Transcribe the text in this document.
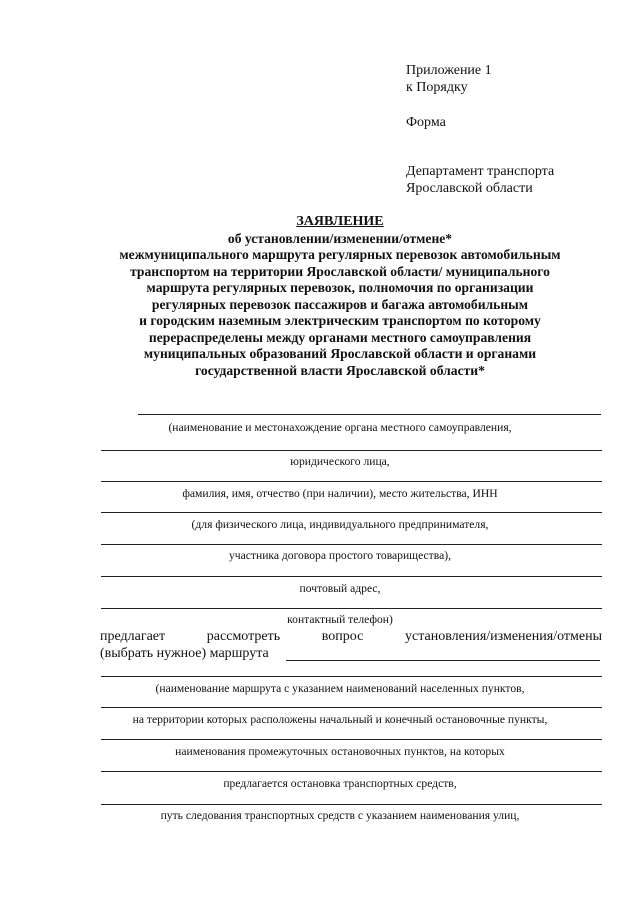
Приложение 1
к Порядку
Форма
Департамент транспорта
Ярославской области
ЗАЯВЛЕНИЕ
об установлении/изменении/отмене*
межмуниципального маршрута регулярных перевозок автомобильным
транспортом на территории Ярославской области/ муниципального
маршрута регулярных перевозок, полномочия по организации
регулярных перевозок пассажиров и багажа автомобильным
и городским наземным электрическим транспортом по которому
перераспределены между органами местного самоуправления
муниципальных образований Ярославской области и органами
государственной власти Ярославской области*
(наименование и местонахождение органа местного самоуправления,
юридического лица,
фамилия, имя, отчество (при наличии), место жительства, ИНН
(для физического лица, индивидуального предпринимателя,
участника договора простого товарищества),
почтовый адрес,
контактный телефон)
предлагает	рассмотреть	вопрос	установления/изменения/отмены
(выбрать нужное) маршрута
(наименование маршрута с указанием наименований населенных пунктов,
на территории которых расположены начальный и конечный остановочные пункты,
наименования промежуточных остановочных пунктов, на которых
предлагается остановка транспортных средств,
путь следования транспортных средств с указанием наименования улиц,
